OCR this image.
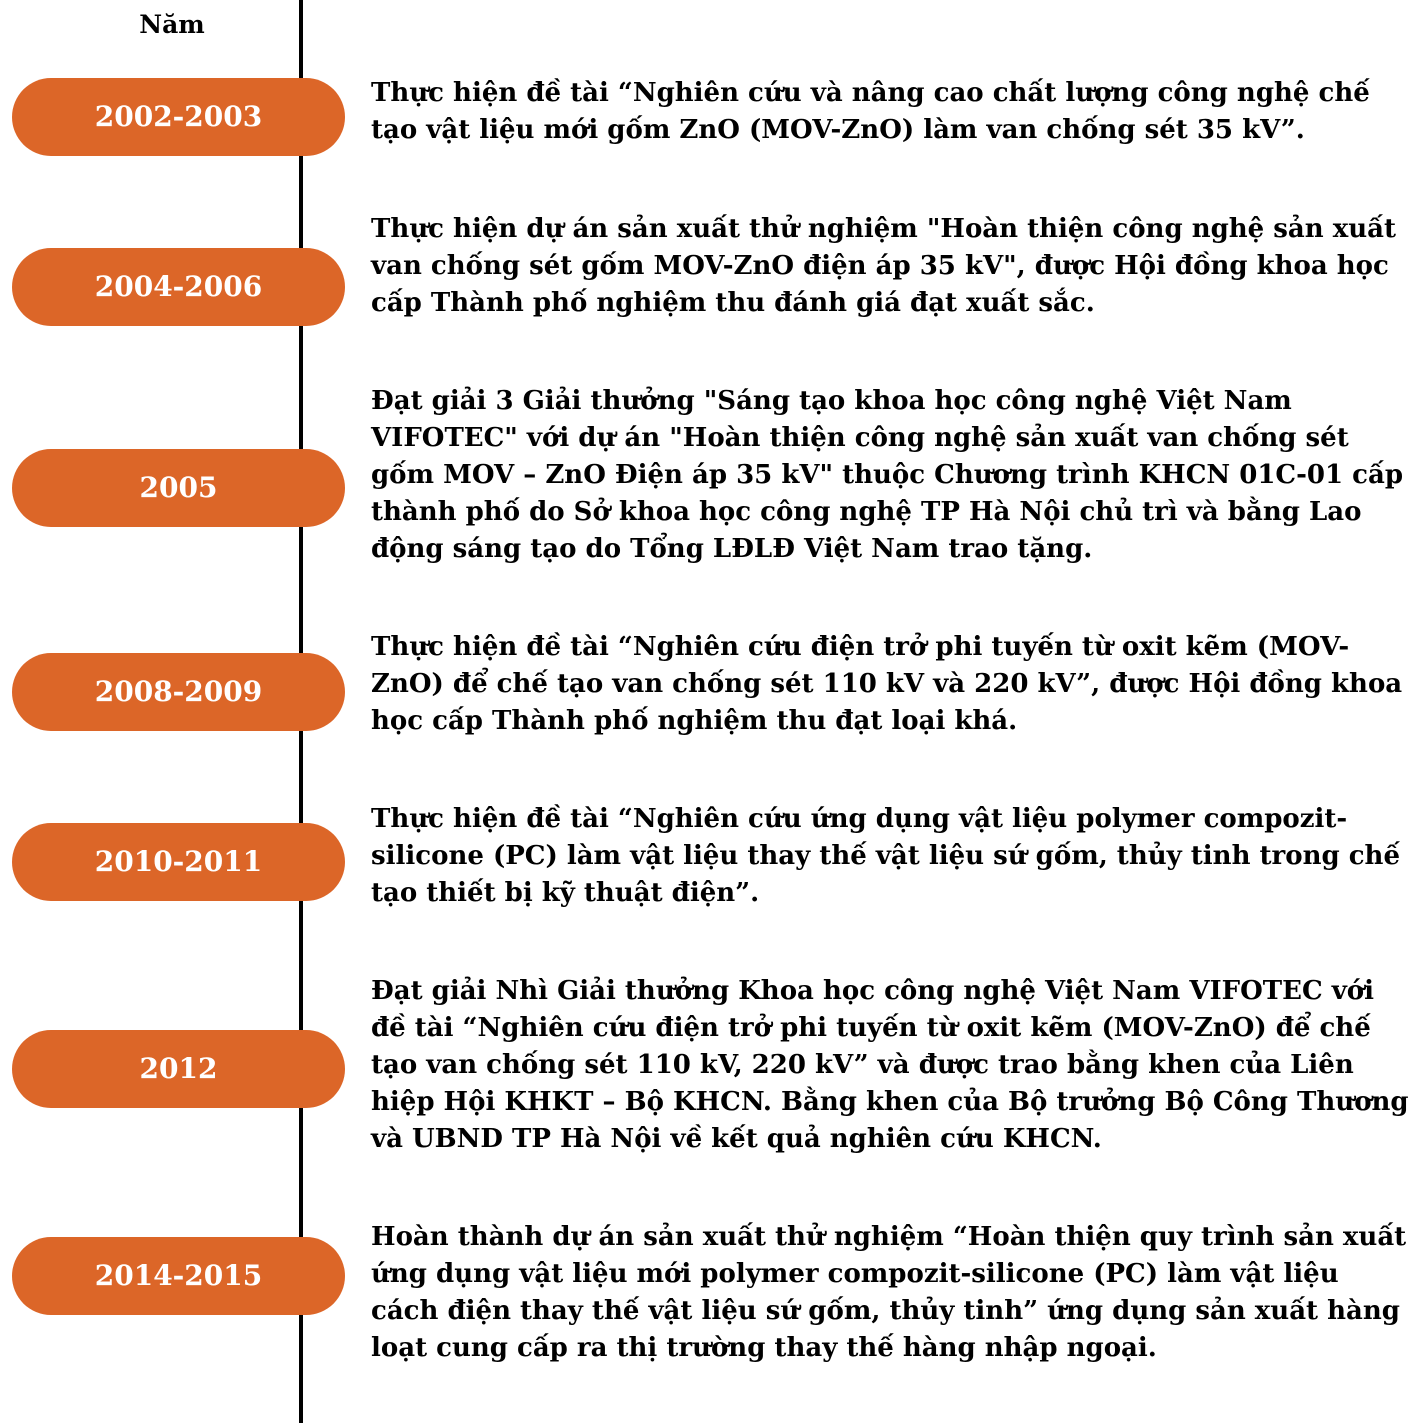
Năm
2002-2003

Thực hiện đề tài “Nghiên cứu và nâng cao chất lượng công nghệ chế tạo vật liệu mới gốm ZnO (MOV-ZnO) làm van chống sét 35 kV”.

2004-2006

Thực hiện dự án sản xuất thử nghiệm "Hoàn thiện công nghệ sản xuất van chống sét gốm MOV-ZnO điện áp 35 kV", được Hội đồng khoa học cấp Thành phố nghiệm thu đánh giá đạt xuất sắc.

2005

Đạt giải 3 Giải thưởng "Sáng tạo khoa học công nghệ Việt Nam VIFOTEC" với dự án "Hoàn thiện công nghệ sản xuất van chống sét gốm MOV – ZnO Điện áp 35 kV" thuộc Chương trình KHCN 01C-01 cấp thành phố do Sở khoa học công nghệ TP Hà Nội chủ trì và bằng Lao động sáng tạo do Tổng LĐLĐ Việt Nam trao tặng.

2008-2009

Thực hiện đề tài “Nghiên cứu điện trở phi tuyến từ oxit kẽm (MOV-ZnO) để chế tạo van chống sét 110 kV và 220 kV”, được Hội đồng khoa học cấp Thành phố nghiệm thu đạt loại khá.

2010-2011

Thực hiện đề tài “Nghiên cứu ứng dụng vật liệu polymer compozit-silicone (PC) làm vật liệu thay thế vật liệu sứ gốm, thủy tinh trong chế tạo thiết bị kỹ thuật điện”.

2012

Đạt giải Nhì Giải thưởng Khoa học công nghệ Việt Nam VIFOTEC với đề tài “Nghiên cứu điện trở phi tuyến từ oxit kẽm (MOV-ZnO) để chế tạo van chống sét 110 kV, 220 kV” và được trao bằng khen của Liên hiệp Hội KHKT – Bộ KHCN. Bằng khen của Bộ trưởng Bộ Công Thương và UBND TP Hà Nội về kết quả nghiên cứu KHCN.

2014-2015

Hoàn thành dự án sản xuất thử nghiệm “Hoàn thiện quy trình sản xuất ứng dụng vật liệu mới polymer compozit-silicone (PC) làm vật liệu cách điện thay thế vật liệu sứ gốm, thủy tinh” ứng dụng sản xuất hàng loạt cung cấp ra thị trường thay thế hàng nhập ngoại.
